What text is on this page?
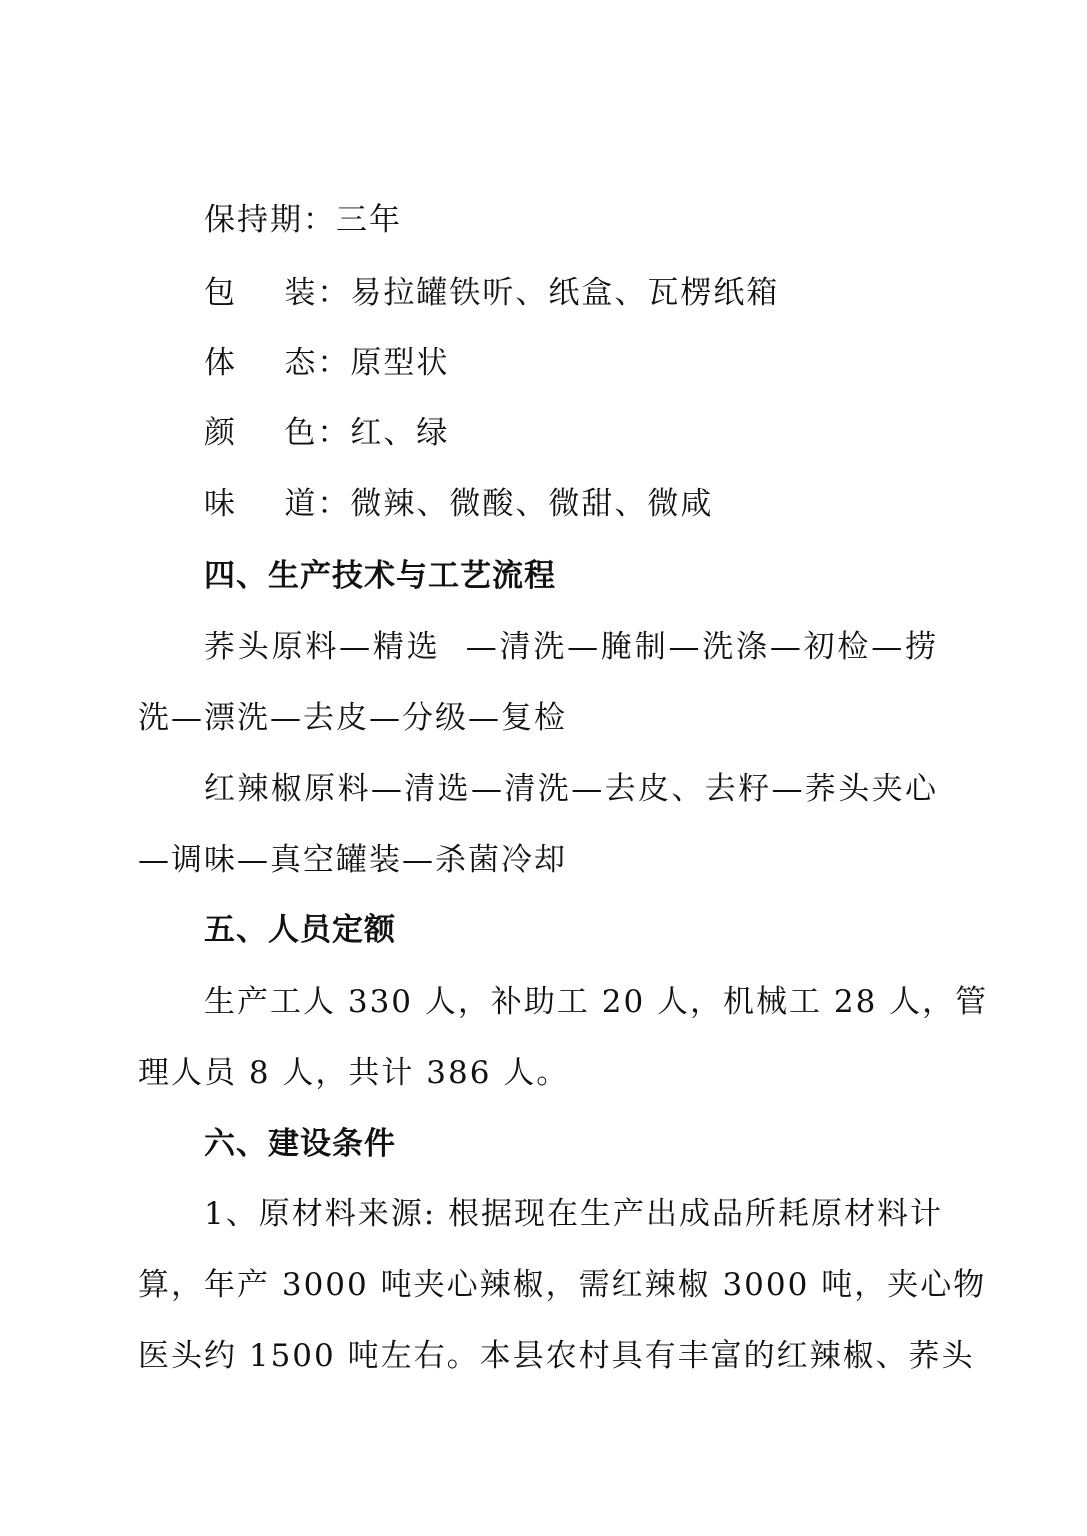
保持期：三年
包    装：易拉罐铁听、纸盒、瓦楞纸箱
体    态：原型状
颜    色：红、绿
味    道：微辣、微酸、微甜、微咸
四、生产技术与工艺流程
荞头原料—精选  —清洗—腌制—洗涤—初检—捞
洗—漂洗—去皮—分级—复检
红辣椒原料—清选—清洗—去皮、去籽—荞头夹心
—调味—真空罐装—杀菌冷却
五、人员定额
生产工人 330 人，补助工 20 人，机械工 28 人，管
理人员 8 人，共计 386 人。
六、建设条件
1、原材料来源: 根据现在生产出成品所耗原材料计
算，年产 3000 吨夹心辣椒，需红辣椒 3000 吨，夹心物
医头约 1500 吨左右。本县农村具有丰富的红辣椒、荞头
